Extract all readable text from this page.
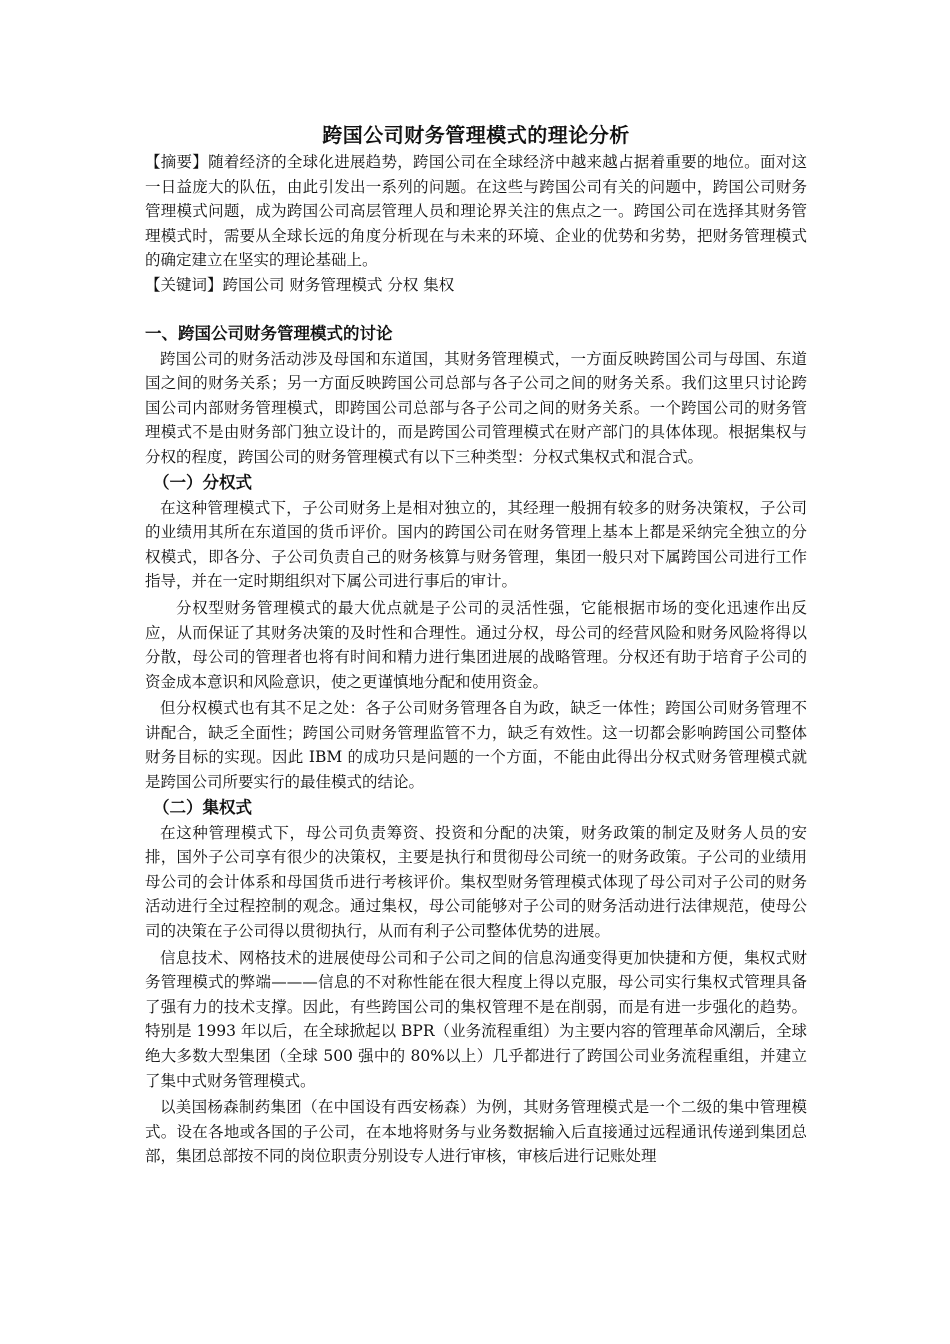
跨国公司财务管理模式的理论分析

【摘要】随着经济的全球化进展趋势，跨国公司在全球经济中越来越占据着重要的地位。面对这一日益庞大的队伍，由此引发出一系列的问题。在这些与跨国公司有关的问题中，跨国公司财务管理模式问题，成为跨国公司高层管理人员和理论界关注的焦点之一。跨国公司在选择其财务管理模式时，需要从全球长远的角度分析现在与未来的环境、企业的优势和劣势，把财务管理模式的确定建立在坚实的理论基础上。

【关键词】跨国公司 财务管理模式 分权 集权

一、跨国公司财务管理模式的讨论

跨国公司的财务活动涉及母国和东道国，其财务管理模式，一方面反映跨国公司与母国、东道国之间的财务关系；另一方面反映跨国公司总部与各子公司之间的财务关系。我们这里只讨论跨国公司内部财务管理模式，即跨国公司总部与各子公司之间的财务关系。一个跨国公司的财务管理模式不是由财务部门独立设计的，而是跨国公司管理模式在财产部门的具体体现。根据集权与分权的程度，跨国公司的财务管理模式有以下三种类型：分权式集权式和混合式。

（一）分权式

在这种管理模式下，子公司财务上是相对独立的，其经理一般拥有较多的财务决策权，子公司的业绩用其所在东道国的货币评价。国内的跨国公司在财务管理上基本上都是采纳完全独立的分权模式，即各分、子公司负责自己的财务核算与财务管理，集团一般只对下属跨国公司进行工作指导，并在一定时期组织对下属公司进行事后的审计。

分权型财务管理模式的最大优点就是子公司的灵活性强，它能根据市场的变化迅速作出反应，从而保证了其财务决策的及时性和合理性。通过分权，母公司的经营风险和财务风险将得以分散，母公司的管理者也将有时间和精力进行集团进展的战略管理。分权还有助于培育子公司的资金成本意识和风险意识，使之更谨慎地分配和使用资金。

但分权模式也有其不足之处：各子公司财务管理各自为政，缺乏一体性；跨国公司财务管理不讲配合，缺乏全面性；跨国公司财务管理监管不力，缺乏有效性。这一切都会影响跨国公司整体财务目标的实现。因此 IBM 的成功只是问题的一个方面，不能由此得出分权式财务管理模式就是跨国公司所要实行的最佳模式的结论。

（二）集权式

在这种管理模式下，母公司负责筹资、投资和分配的决策，财务政策的制定及财务人员的安排，国外子公司享有很少的决策权，主要是执行和贯彻母公司统一的财务政策。子公司的业绩用母公司的会计体系和母国货币进行考核评价。集权型财务管理模式体现了母公司对子公司的财务活动进行全过程控制的观念。通过集权，母公司能够对子公司的财务活动进行法律规范，使母公司的决策在子公司得以贯彻执行，从而有利子公司整体优势的进展。

信息技术、网格技术的进展使母公司和子公司之间的信息沟通变得更加快捷和方便，集权式财务管理模式的弊端———信息的不对称性能在很大程度上得以克服，母公司实行集权式管理具备了强有力的技术支撑。因此，有些跨国公司的集权管理不是在削弱，而是有进一步强化的趋势。特别是 1993 年以后，在全球掀起以 BPR（业务流程重组）为主要内容的管理革命风潮后，全球绝大多数大型集团（全球 500 强中的 80%以上）几乎都进行了跨国公司业务流程重组，并建立了集中式财务管理模式。

以美国杨森制药集团（在中国设有西安杨森）为例，其财务管理模式是一个二级的集中管理模式。设在各地或各国的子公司，在本地将财务与业务数据输入后直接通过远程通讯传递到集团总部，集团总部按不同的岗位职责分别设专人进行审核，审核后进行记账处理
